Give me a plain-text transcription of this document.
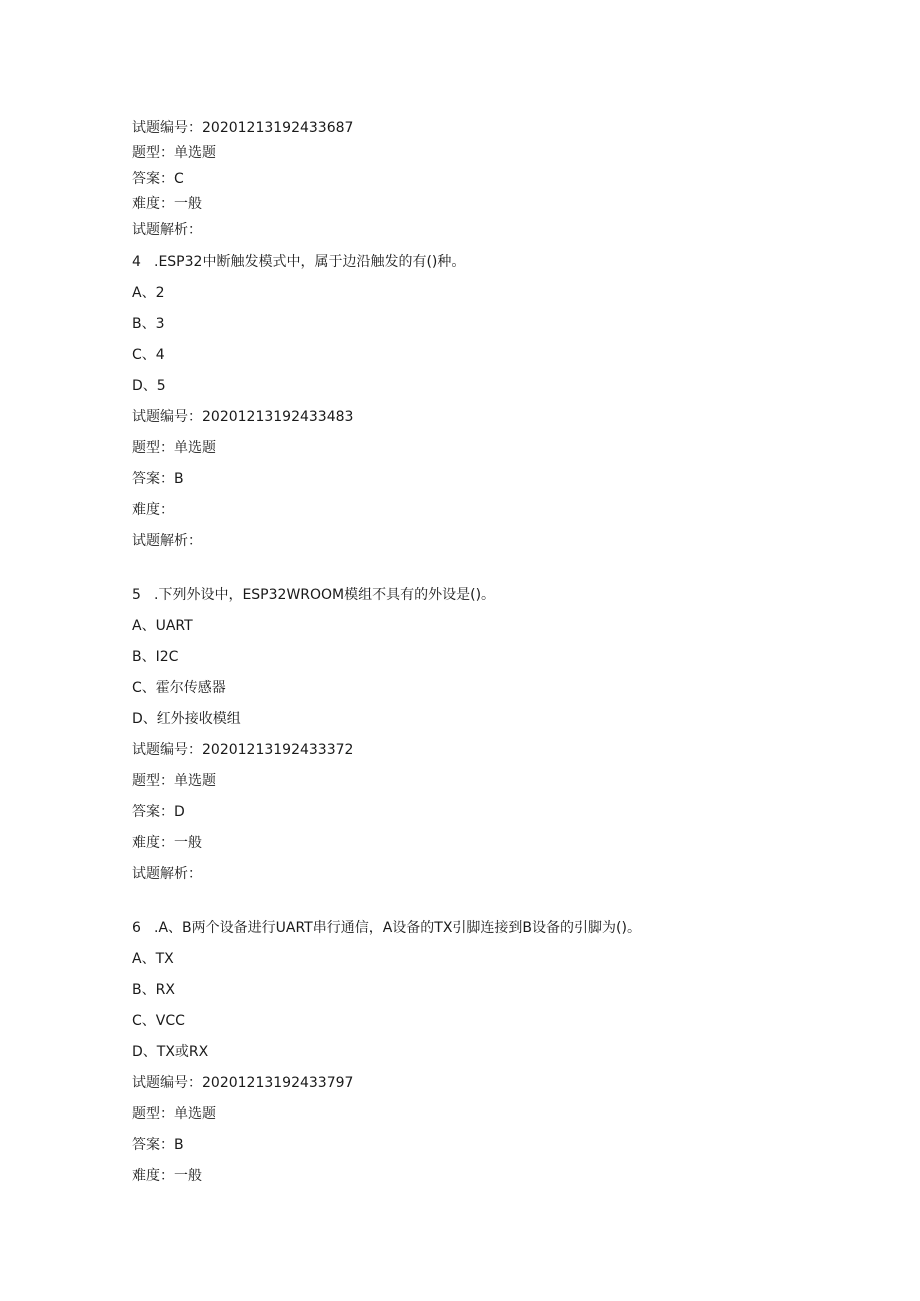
试题编号：20201213192433687
题型：单选题
答案：C
难度：一般
试题解析：
4 .ESP32中断触发模式中，属于边沿触发的有()种。
A、2
B、3
C、4
D、5
试题编号：20201213192433483
题型：单选题
答案：B
难度：
试题解析：
5 .下列外设中，ESP32WROOM模组不具有的外设是()。
A、UART
B、I2C
C、霍尔传感器
D、红外接收模组
试题编号：20201213192433372
题型：单选题
答案：D
难度：一般
试题解析：
6 .A、B两个设备进行UART串行通信，A设备的TX引脚连接到B设备的引脚为()。
A、TX
B、RX
C、VCC
D、TX或RX
试题编号：20201213192433797
题型：单选题
答案：B
难度：一般
